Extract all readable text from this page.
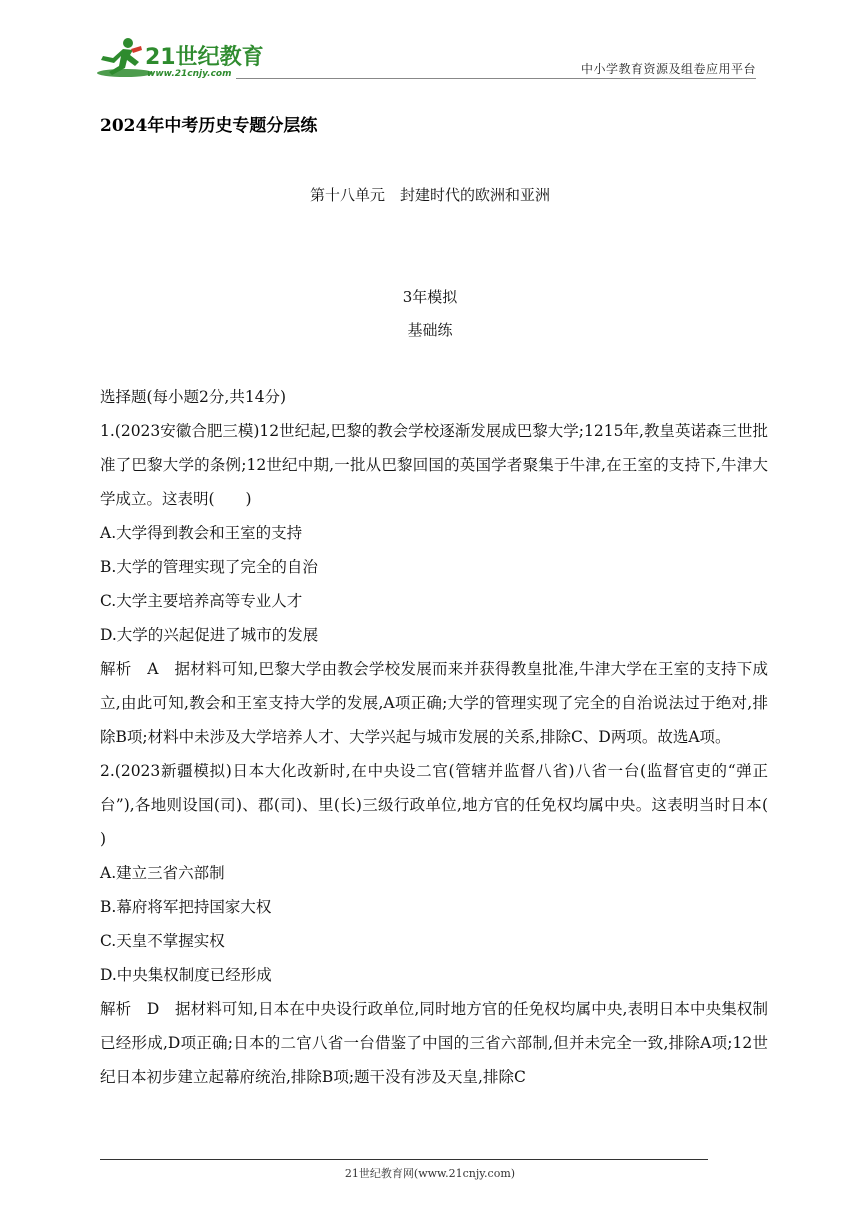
21世纪教育
www.21cnjy.com	中小学教育资源及组卷应用平台
2024年中考历史专题分层练
第十八单元　封建时代的欧洲和亚洲
3年模拟
基础练

选择题(每小题2分,共14分)

1.(2023安徽合肥三模)12世纪起,巴黎的教会学校逐渐发展成巴黎大学;1215年,教皇英诺森三世批准了巴黎大学的条例;12世纪中期,一批从巴黎回国的英国学者聚集于牛津,在王室的支持下,牛津大学成立。这表明(　　)

A.大学得到教会和王室的支持

B.大学的管理实现了完全的自治

C.大学主要培养高等专业人才

D.大学的兴起促进了城市的发展

解析　A　据材料可知,巴黎大学由教会学校发展而来并获得教皇批准,牛津大学在王室的支持下成立,由此可知,教会和王室支持大学的发展,A项正确;大学的管理实现了完全的自治说法过于绝对,排除B项;材料中未涉及大学培养人才、大学兴起与城市发展的关系,排除C、D两项。故选A项。

2.(2023新疆模拟)日本大化改新时,在中央设二官(管辖并监督八省)八省一台(监督官吏的“弹正台”),各地则设国(司)、郡(司)、里(长)三级行政单位,地方官的任免权均属中央。这表明当时日本(　　)

A.建立三省六部制

B.幕府将军把持国家大权

C.天皇不掌握实权

D.中央集权制度已经形成

解析　D　据材料可知,日本在中央设行政单位,同时地方官的任免权均属中央,表明日本中央集权制已经形成,D项正确;日本的二官八省一台借鉴了中国的三省六部制,但并未完全一致,排除A项;12世纪日本初步建立起幕府统治,排除B项;题干没有涉及天皇,排除C

21世纪教育网(www.21cnjy.com)
